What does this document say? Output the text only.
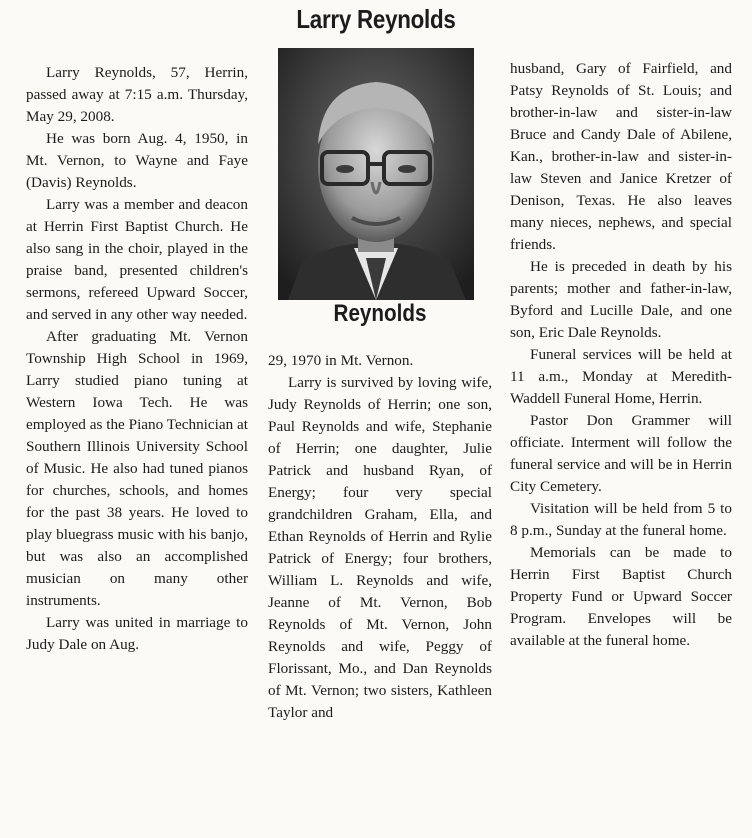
Larry Reynolds

Larry Reynolds, 57, Herrin, passed away at 7:15 a.m. Thursday, May 29, 2008.

He was born Aug. 4, 1950, in Mt. Vernon, to Wayne and Faye (Davis) Reynolds.

Larry was a member and deacon at Herrin First Baptist Church. He also sang in the choir, played in the praise band, presented children's sermons, refereed Upward Soccer, and served in any other way needed.

After graduating Mt. Vernon Township High School in 1969, Larry studied piano tuning at Western Iowa Tech. He was employed as the Piano Technician at Southern Illinois University School of Music. He also had tuned pianos for churches, schools, and homes for the past 38 years. He loved to play bluegrass music with his banjo, but was also an accomplished musician on many other instruments.

Larry was united in marriage to Judy Dale on Aug.

Reynolds

29, 1970 in Mt. Vernon.

Larry is survived by loving wife, Judy Reynolds of Herrin; one son, Paul Reynolds and wife, Stephanie of Herrin; one daughter, Julie Patrick and husband Ryan, of Energy; four very special grandchildren Graham, Ella, and Ethan Reynolds of Herrin and Rylie Patrick of Energy; four brothers, William L. Reynolds and wife, Jeanne of Mt. Vernon, Bob Reynolds of Mt. Vernon, John Reynolds and wife, Peggy of Florissant, Mo., and Dan Reynolds of Mt. Vernon; two sisters, Kathleen Taylor and

husband, Gary of Fairfield, and Patsy Reynolds of St. Louis; and brother-in-law and sister-in-law Bruce and Candy Dale of Abilene, Kan., brother-in-law and sister-in-law Steven and Janice Kretzer of Denison, Texas. He also leaves many nieces, nephews, and special friends.

He is preceded in death by his parents; mother and father-in-law, Byford and Lucille Dale, and one son, Eric Dale Reynolds.

Funeral services will be held at 11 a.m., Monday at Meredith-Waddell Funeral Home, Herrin.

Pastor Don Grammer will officiate. Interment will follow the funeral service and will be in Herrin City Cemetery.

Visitation will be held from 5 to 8 p.m., Sunday at the funeral home.

Memorials can be made to Herrin First Baptist Church Property Fund or Upward Soccer Program. Envelopes will be available at the funeral home.
